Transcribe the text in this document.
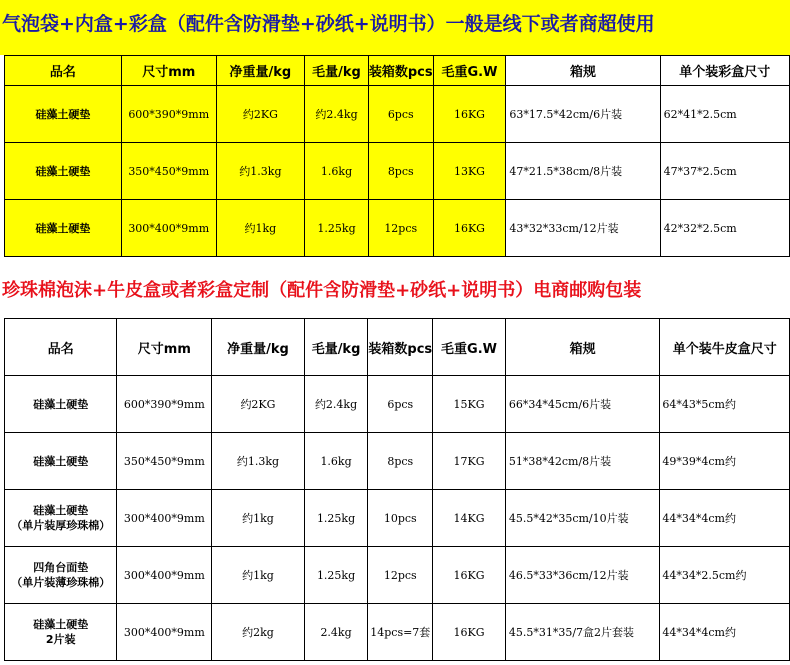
气泡袋+内盒+彩盒（配件含防滑垫+砂纸+说明书）一般是线下或者商超使用
品名	尺寸mm	净重量/kg	毛量/kg	装箱数pcs	毛重G.W	箱规	单个装彩盒尺寸
硅藻土硬垫	600*390*9mm	约2KG	约2.4kg	6pcs	16KG	63*17.5*42cm/6片装	62*41*2.5cm
硅藻土硬垫	350*450*9mm	约1.3kg	1.6kg	8pcs	13KG	47*21.5*38cm/8片装	47*37*2.5cm
硅藻土硬垫	300*400*9mm	约1kg	1.25kg	12pcs	16KG	43*32*33cm/12片装	42*32*2.5cm
珍珠棉泡沫+牛皮盒或者彩盒定制（配件含防滑垫+砂纸+说明书）电商邮购包装
品名	尺寸mm	净重量/kg	毛量/kg	装箱数pcs	毛重G.W	箱规	单个装牛皮盒尺寸

硅藻土硬垫	600*390*9mm	约2KG	约2.4kg	6pcs	15KG	66*34*45cm/6片装	64*43*5cm约

硅藻土硬垫	350*450*9mm	约1.3kg	1.6kg	8pcs	17KG	51*38*42cm/8片装	49*39*4cm约

硅藻土硬垫
（单片装厚珍珠棉）	300*400*9mm	约1kg	1.25kg	10pcs	14KG	45.5*42*35cm/10片装	44*34*4cm约

四角台面垫
（单片装薄珍珠棉）	300*400*9mm	约1kg	1.25kg	12pcs	16KG	46.5*33*36cm/12片装	44*34*2.5cm约

硅藻土硬垫
2片装	300*400*9mm	约2kg	2.4kg	14pcs=7套	16KG	45.5*31*35/7盒2片套装	44*34*4cm约
